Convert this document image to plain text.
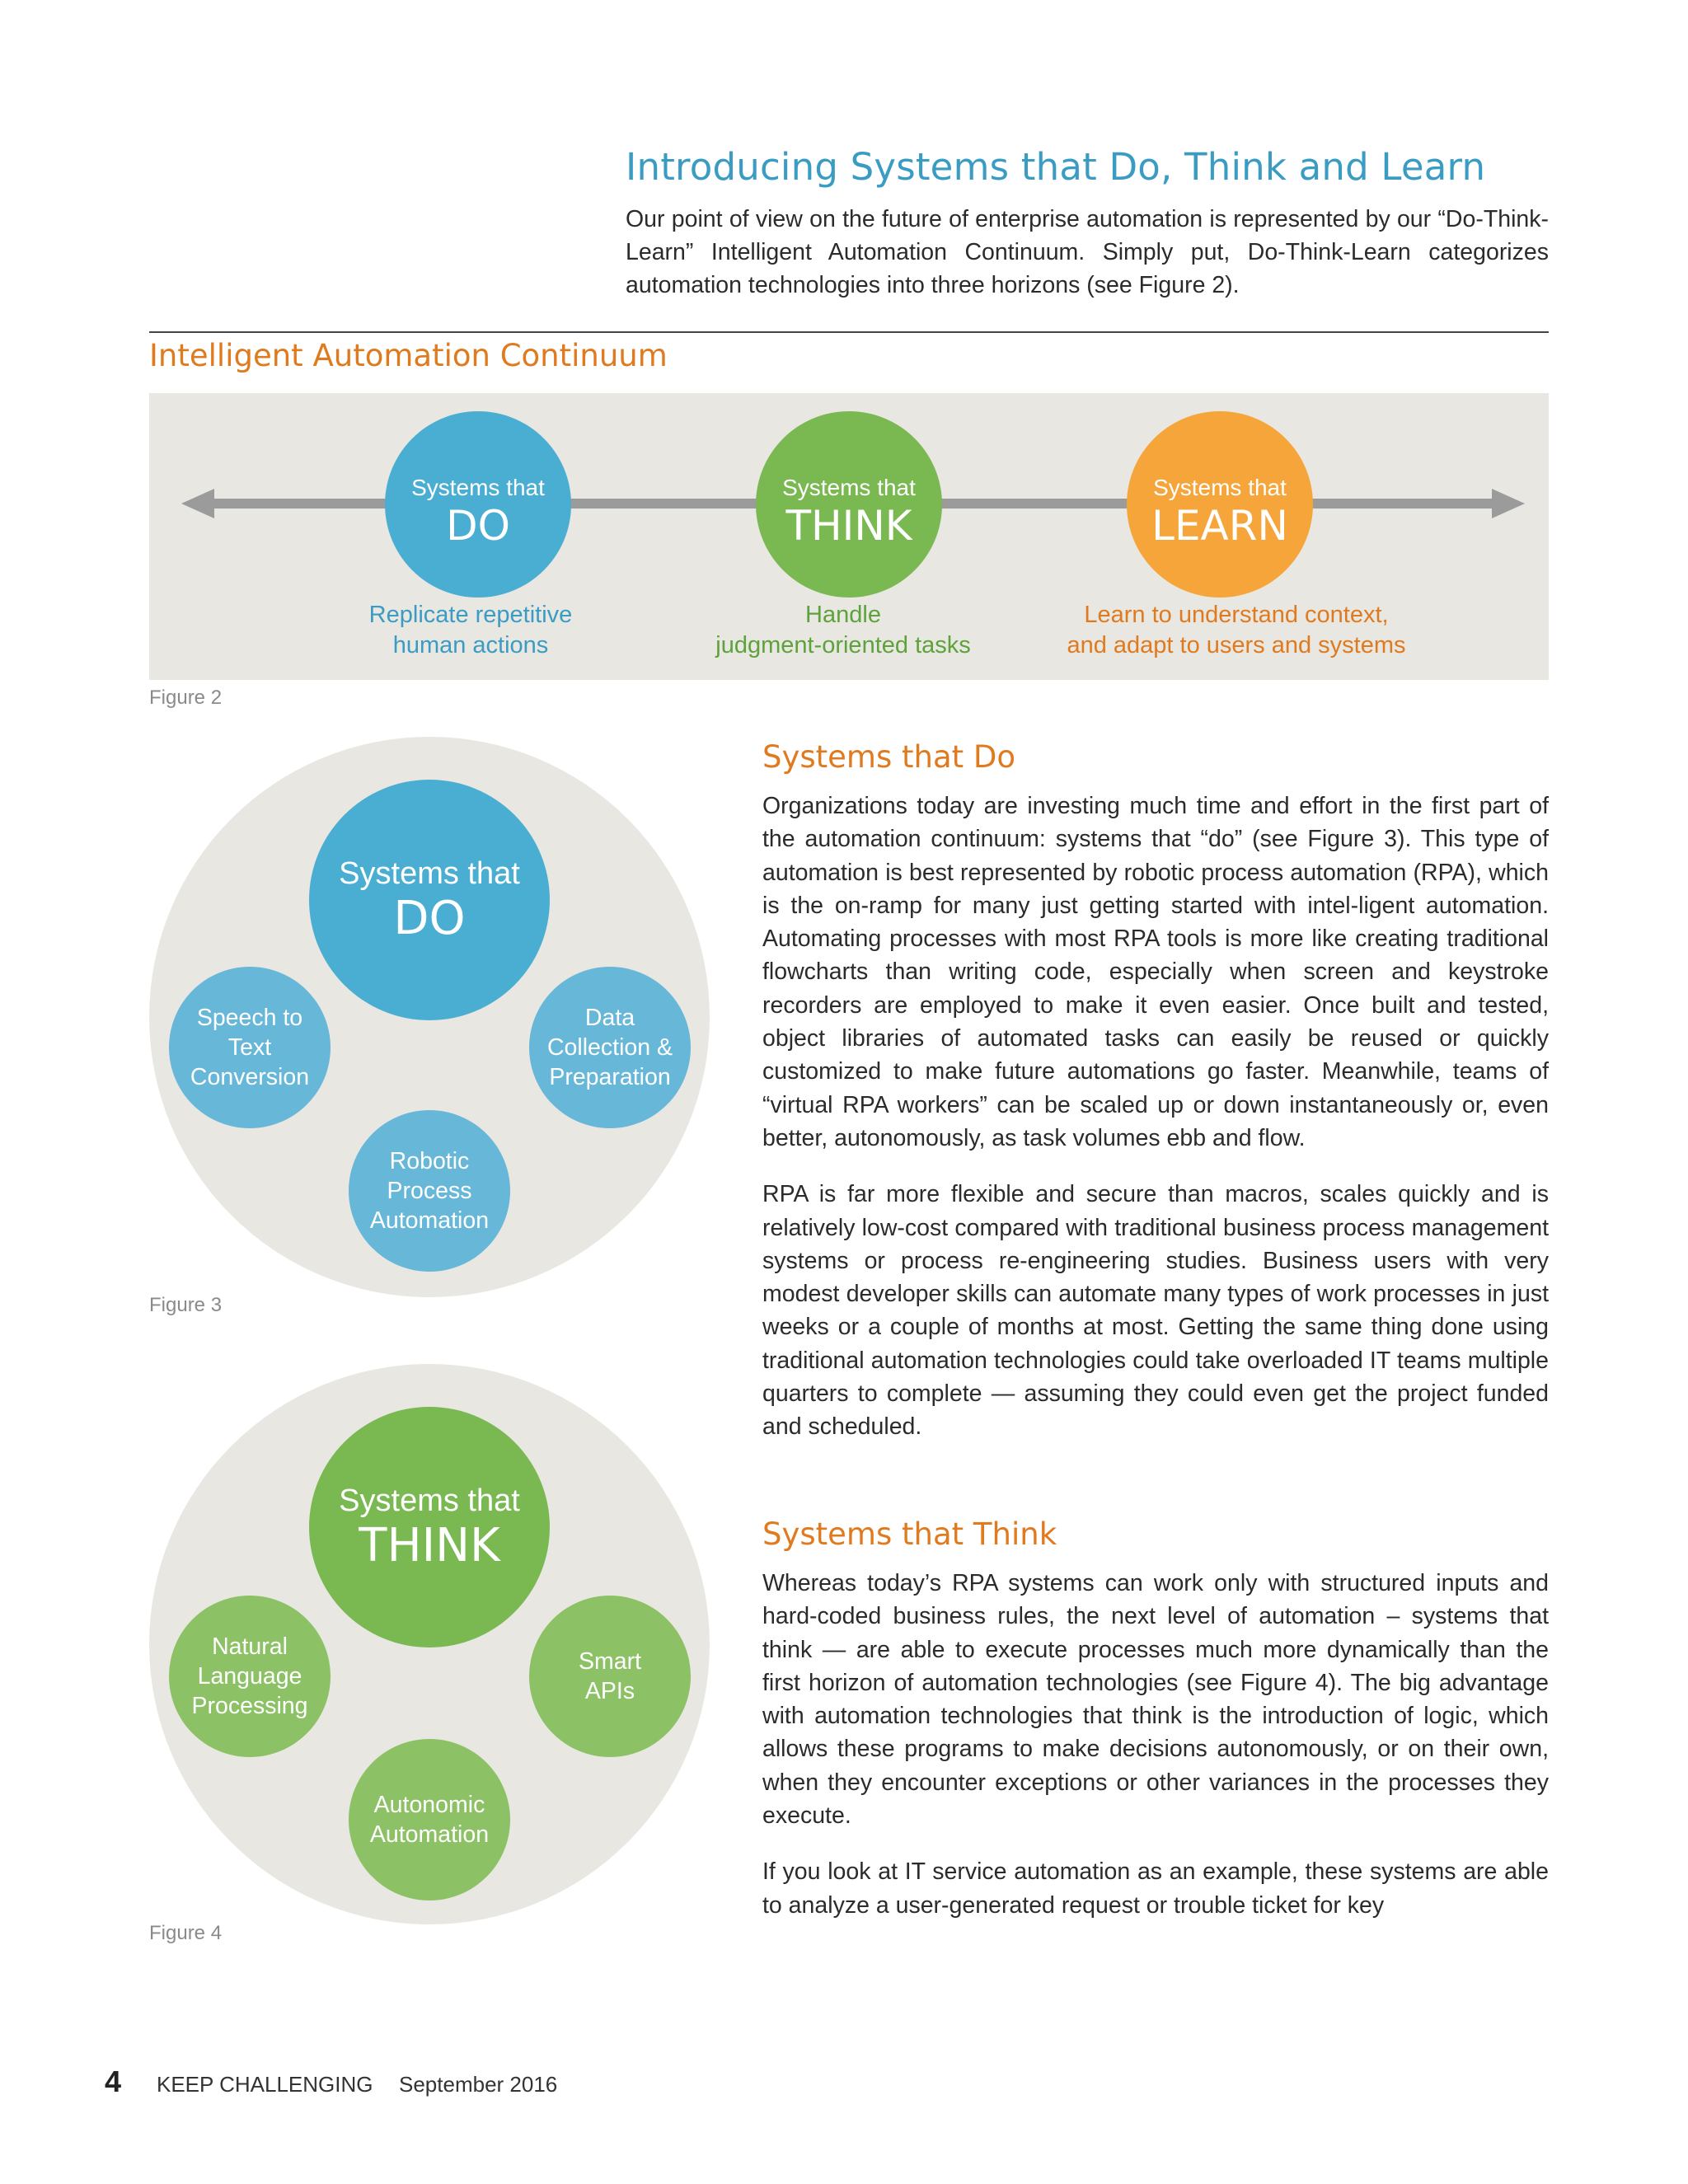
Introducing Systems that Do, Think and Learn
Our point of view on the future of enterprise automation is represented by our “Do-Think-Learn” Intelligent Automation Continuum. Simply put, Do-Think-Learn categorizes automation technologies into three horizons (see Figure 2).
Intelligent Automation Continuum
Systems that
DO
Systems that
THINK
Systems that
LEARN
Replicate repetitive
human actions
Handle
judgment-oriented tasks
Learn to understand context,
and adapt to users and systems
Figure 2
Systems that
DO
Speech to
Text
Conversion
Data
Collection &
Preparation
Robotic
Process
Automation
Figure 3
Systems that
THINK
Natural
Language
Processing
Smart
APIs
Autonomic
Automation
Figure 4
Systems that Do

Organizations today are investing much time and effort in the first part of the automation continuum: systems that “do” (see Figure 3). This type of automation is best represented by robotic process automation (RPA), which is the on-ramp for many just getting started with intel-ligent automation. Automating processes with most RPA tools is more like creating traditional flowcharts than writing code, especially when screen and keystroke recorders are employed to make it even easier. Once built and tested, object libraries of automated tasks can easily be reused or quickly customized to make future automations go faster. Meanwhile, teams of “virtual RPA workers” can be scaled up or down instantaneously or, even better, autonomously, as task volumes ebb and flow.

RPA is far more flexible and secure than macros, scales quickly and is relatively low-cost compared with traditional business process management systems or process re-engineering studies. Business users with very modest developer skills can automate many types of work processes in just weeks or a couple of months at most. Getting the same thing done using traditional automation technologies could take overloaded IT teams multiple quarters to complete — assuming they could even get the project funded and scheduled.

Systems that Think

Whereas today’s RPA systems can work only with structured inputs and hard-coded business rules, the next level of automation – systems that think — are able to execute processes much more dynamically than the first horizon of automation technologies (see Figure 4). The big advantage with automation technologies that think is the introduction of logic, which allows these programs to make decisions autonomously, or on their own, when they encounter exceptions or other variances in the processes they execute.

If you look at IT service automation as an example, these systems are able to analyze a user-generated request or trouble ticket for key

4 KEEP CHALLENGING September 2016
